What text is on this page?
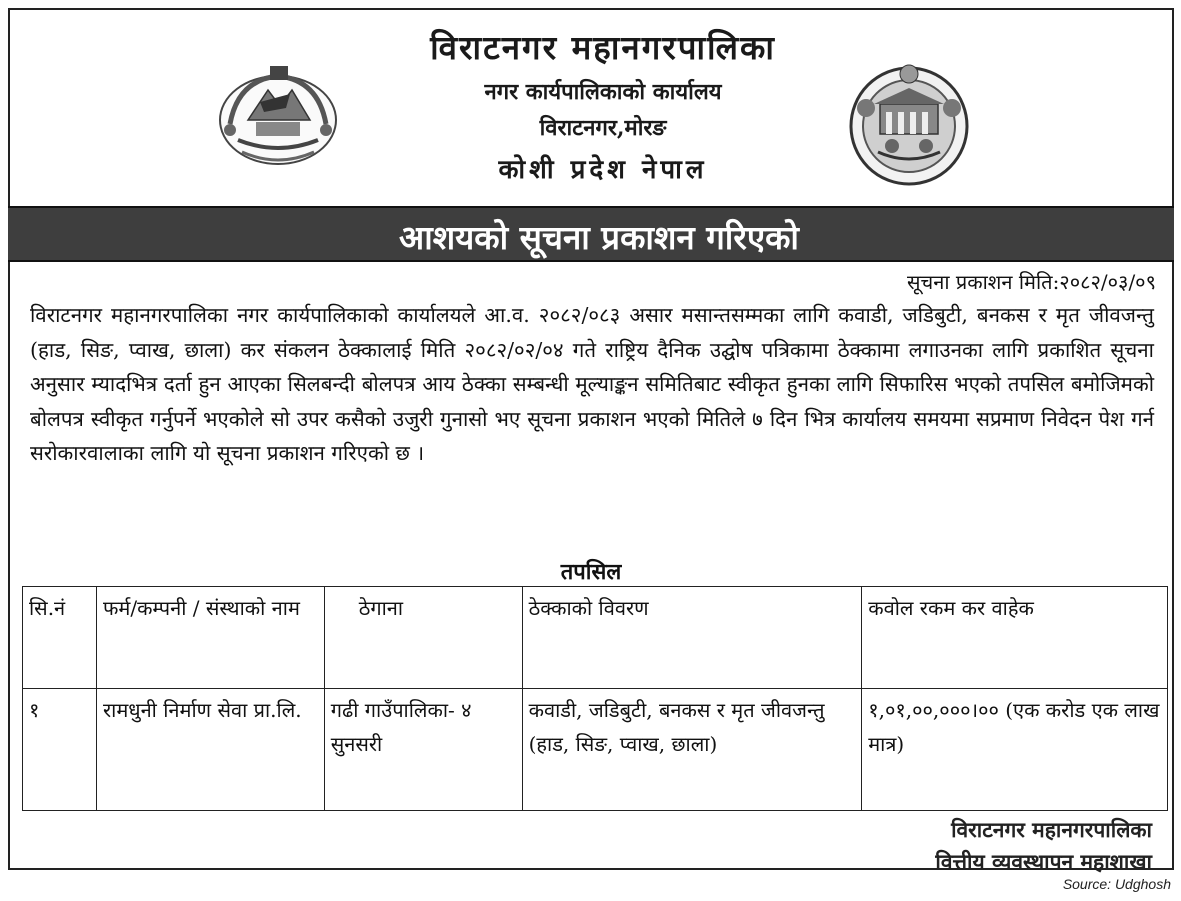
विराटनगर महानगरपालिका
नगर कार्यपालिकाको कार्यालय
विराटनगर,मोरङ
कोशी प्रदेश नेपाल
आशयको सूचना प्रकाशन गरिएको
सूचना प्रकाशन मिति:२०८२/०३/०९
विराटनगर महानगरपालिका नगर कार्यपालिकाको कार्यालयले आ.व. २०८२/०८३ असार मसान्तसम्मका लागि कवाडी, जडिबुटी, बनकस र मृत जीवजन्तु (हाड, सिङ, प्वाख, छाला) कर संकलन ठेक्कालाई मिति २०८२/०२/०४ गते राष्ट्रिय दैनिक उद्घोष पत्रिकामा ठेक्कामा लगाउनका लागि प्रकाशित सूचना अनुसार म्यादभित्र दर्ता हुन आएका सिलबन्दी बोलपत्र आय ठेक्का सम्बन्धी मूल्याङ्कन समितिबाट स्वीकृत हुनका लागि सिफारिस भएको तपसिल बमोजिमको बोलपत्र स्वीकृत गर्नुपर्ने भएकोले सो उपर कसैको उजुरी गुनासो भए सूचना प्रकाशन भएको मितिले ७ दिन भित्र कार्यालय समयमा सप्रमाण निवेदन पेश गर्न सरोकारवालाका लागि यो सूचना प्रकाशन गरिएको छ ।
तपसिल
सि.नं	फर्म/कम्पनी / संस्थाको नाम	ठेगाना	ठेक्काको विवरण	कवोल रकम कर वाहेक
१	रामधुनी निर्माण सेवा प्रा.लि.	गढी गाउँपालिका- ४ सुनसरी	कवाडी, जडिबुटी, बनकस र मृत जीवजन्तु (हाड, सिङ, प्वाख, छाला)	१,०१,००,०००।०० (एक करोड एक लाख मात्र)
विराटनगर महानगरपालिका
वित्तीय व्यवस्थापन महाशाखा
Source: Udghosh
